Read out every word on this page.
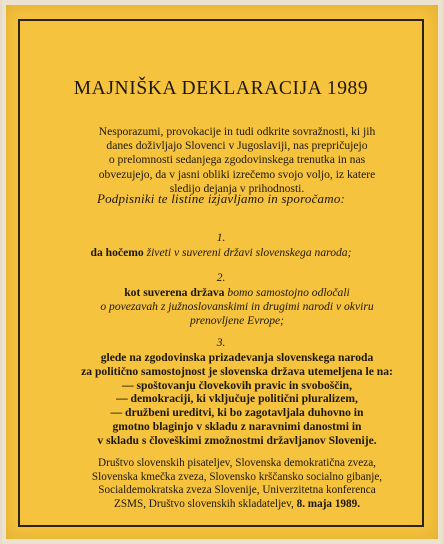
MAJNIŠKA DEKLARACIJA 1989
Nesporazumi, provokacije in tudi odkrite sovražnosti, ki jih
danes doživljajo Slovenci v Jugoslaviji, nas prepričujejo
o prelomnosti sedanjega zgodovinskega trenutka in nas
obvezujejo, da v jasni obliki izrečemo svojo voljo, iz katere
sledijo dejanja v prihodnosti.
Podpisniki te listine izjavljamo in sporočamo:
1.
da hočemo živeti v suvereni državi slovenskega naroda;
2.
kot suverena država bomo samostojno odločali
o povezavah z južnoslovanskimi in drugimi narodi v okviru
prenovljene Evrope;
3.
glede na zgodovinska prizadevanja slovenskega naroda
za politično samostojnost je slovenska država utemeljena le na:
— spoštovanju človekovih pravic in svoboščin,
— demokraciji, ki vključuje politični pluralizem,
— družbeni ureditvi, ki bo zagotavljala duhovno in
gmotno blaginjo v skladu z naravnimi danostmi in
v skladu s človeškimi zmožnostmi državljanov Slovenije.
Društvo slovenskih pisateljev, Slovenska demokratična zveza,
Slovenska kmečka zveza, Slovensko krščansko socialno gibanje,
Socialdemokratska zveza Slovenije, Univerzitetna konferenca
ZSMS, Društvo slovenskih skladateljev, 8. maja 1989.
